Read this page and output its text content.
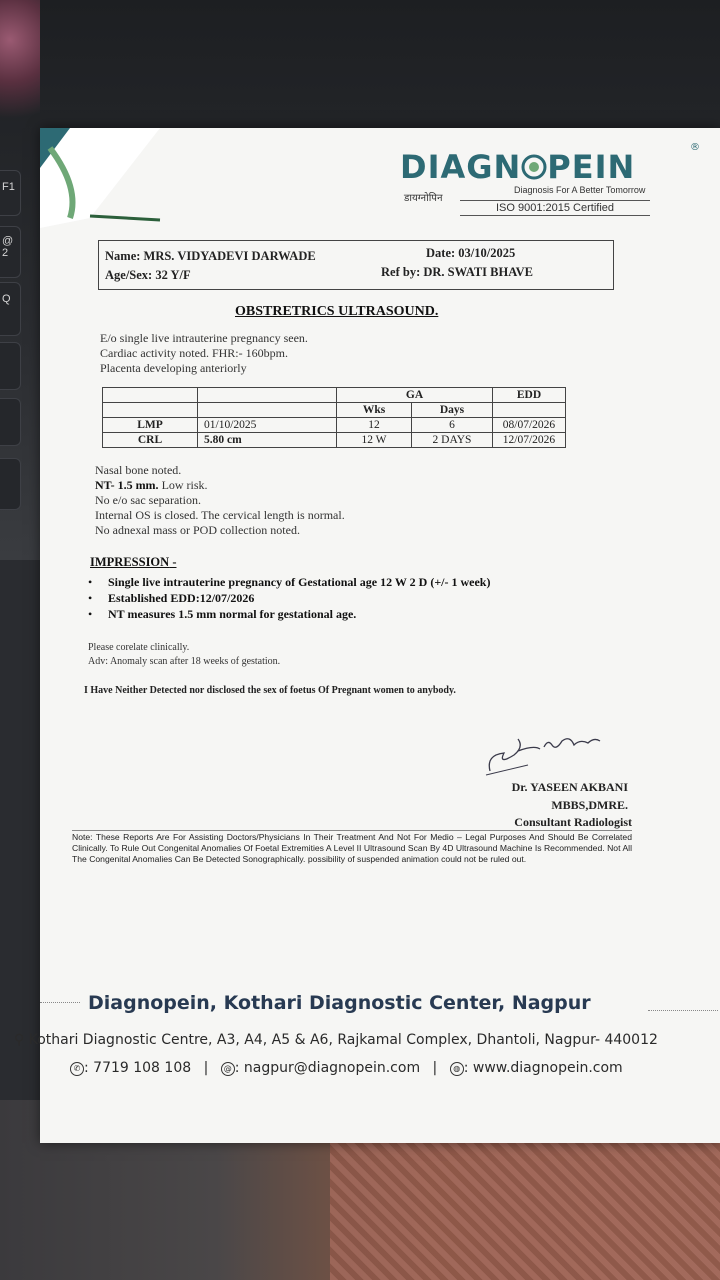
F1
@ 2
Q
DIAGN PEIN
®
डायग्नोपिन
Diagnosis For A Better Tomorrow
ISO 9001:2015 Certified
Name: MRS. VIDYADEVI DARWADE
Age/Sex: 32 Y/F
Date: 03/10/2025
Ref by: DR. SWATI BHAVE
OBSTRETRICS ULTRASOUND.
E/o single live intrauterine pregnancy seen.
Cardiac activity noted. FHR:- 160bpm.
Placenta developing anteriorly
		GA		EDD
		Wks	Days	
LMP	01/10/2025	12	6	08/07/2026
CRL	5.80 cm	12 W	2 DAYS	12/07/2026
Nasal bone noted.
NT- 1.5 mm. Low risk.
No e/o sac separation.
Internal OS is closed. The cervical length is normal.
No adnexal mass or POD collection noted.
IMPRESSION -
• Single live intrauterine pregnancy of Gestational age 12 W 2 D (+/- 1 week)
• Established EDD:12/07/2026
• NT measures 1.5 mm normal for gestational age.
Please corelate clinically.
Adv: Anomaly scan after 18 weeks of gestation.
I Have Neither Detected nor disclosed the sex of foetus Of Pregnant women to anybody.
Dr. YASEEN AKBANI
MBBS,DMRE.
Consultant Radiologist
Note: These Reports Are For Assisting Doctors/Physicians In Their Treatment And Not For Medio – Legal Purposes And Should Be Correlated Clinically. To Rule Out Congenital Anomalies Of Foetal Extremities A Level II Ultrasound Scan By 4D Ultrasound Machine Is Recommended. Not All The Congenital Anomalies Can Be Detected Sonographically. possibility of suspended animation could not be ruled out.
Diagnopein, Kothari Diagnostic Center, Nagpur
⚲ Kothari Diagnostic Centre, A3, A4, A5 & A6, Rajkamal Complex, Dhantoli, Nagpur- 440012
✆ : 7719 108 108 | @ : nagpur@diagnopein.com | ◍ : www.diagnopein.com
